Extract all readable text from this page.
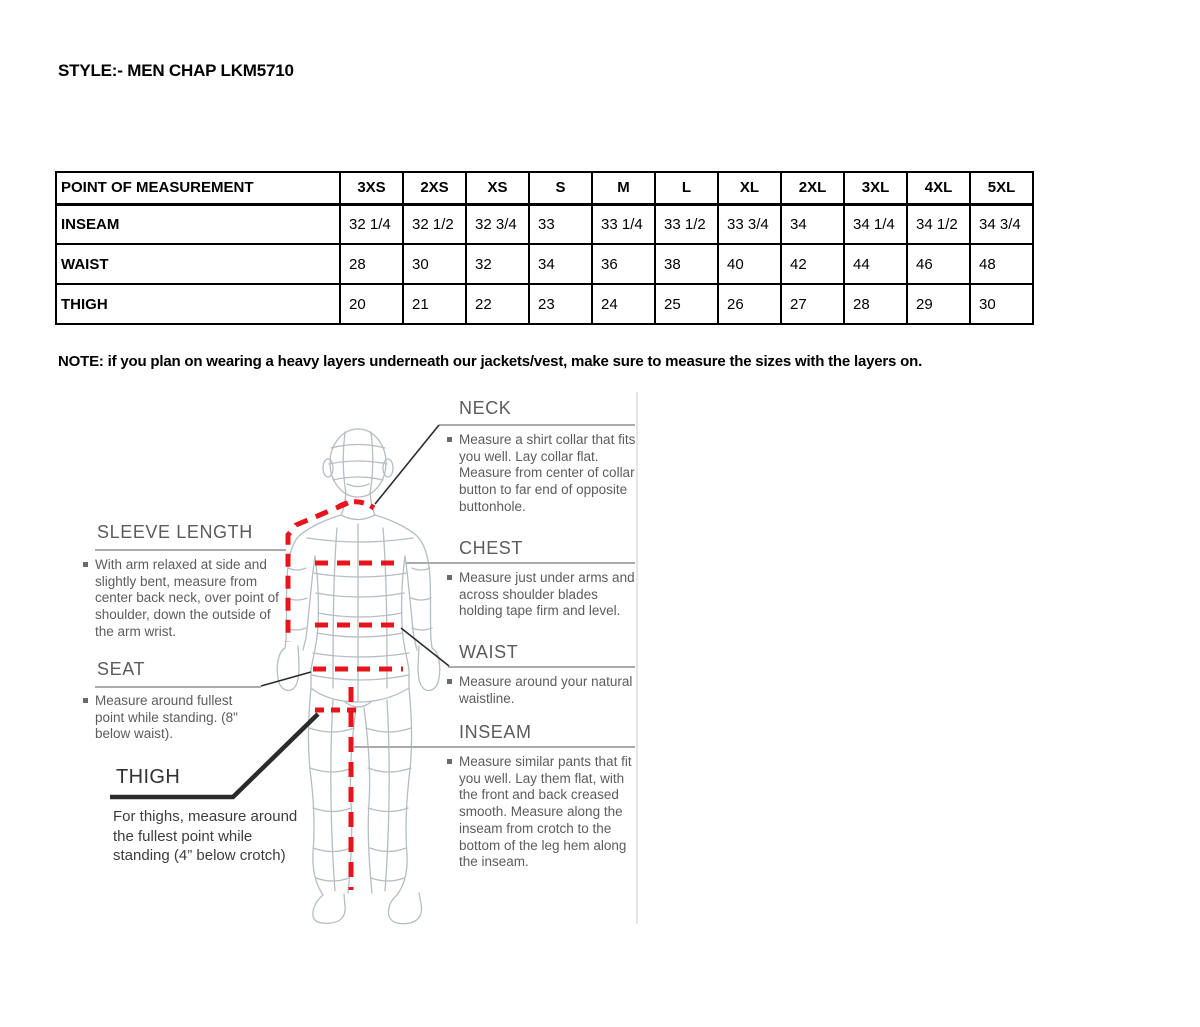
STYLE:- MEN CHAP LKM5710
POINT OF MEASUREMENT	3XS	2XS	XS	S	M	L	XL	2XL	3XL	4XL	5XL
INSEAM	32 1/4	32 1/2	32 3/4	33	33 1/4	33 1/2	33 3/4	34	34 1/4	34 1/2	34 3/4
WAIST	28	30	32	34	36	38	40	42	44	46	48
THIGH	20	21	22	23	24	25	26	27	28	29	30
NOTE: if you plan on wearing a heavy layers underneath our jackets/vest, make sure to measure the sizes with the layers on.
NECK

Measure a shirt collar that fits you well. Lay collar flat. Measure from center of collar button to far end of opposite buttonhole.

CHEST

Measure just under arms and across shoulder blades holding tape firm and level.

WAIST

Measure around your natural waistline.

INSEAM

Measure similar pants that fit you well. Lay them flat, with the front and back creased smooth. Measure along the inseam from crotch to the bottom of the leg hem along the inseam.

SLEEVE LENGTH

With arm relaxed at side and slightly bent, measure from center back neck, over point of shoulder, down the outside of the arm wrist.

SEAT

Measure around fullest point while standing. (8" below waist).

THIGH

For thighs, measure around the fullest point while standing (4” below crotch)
